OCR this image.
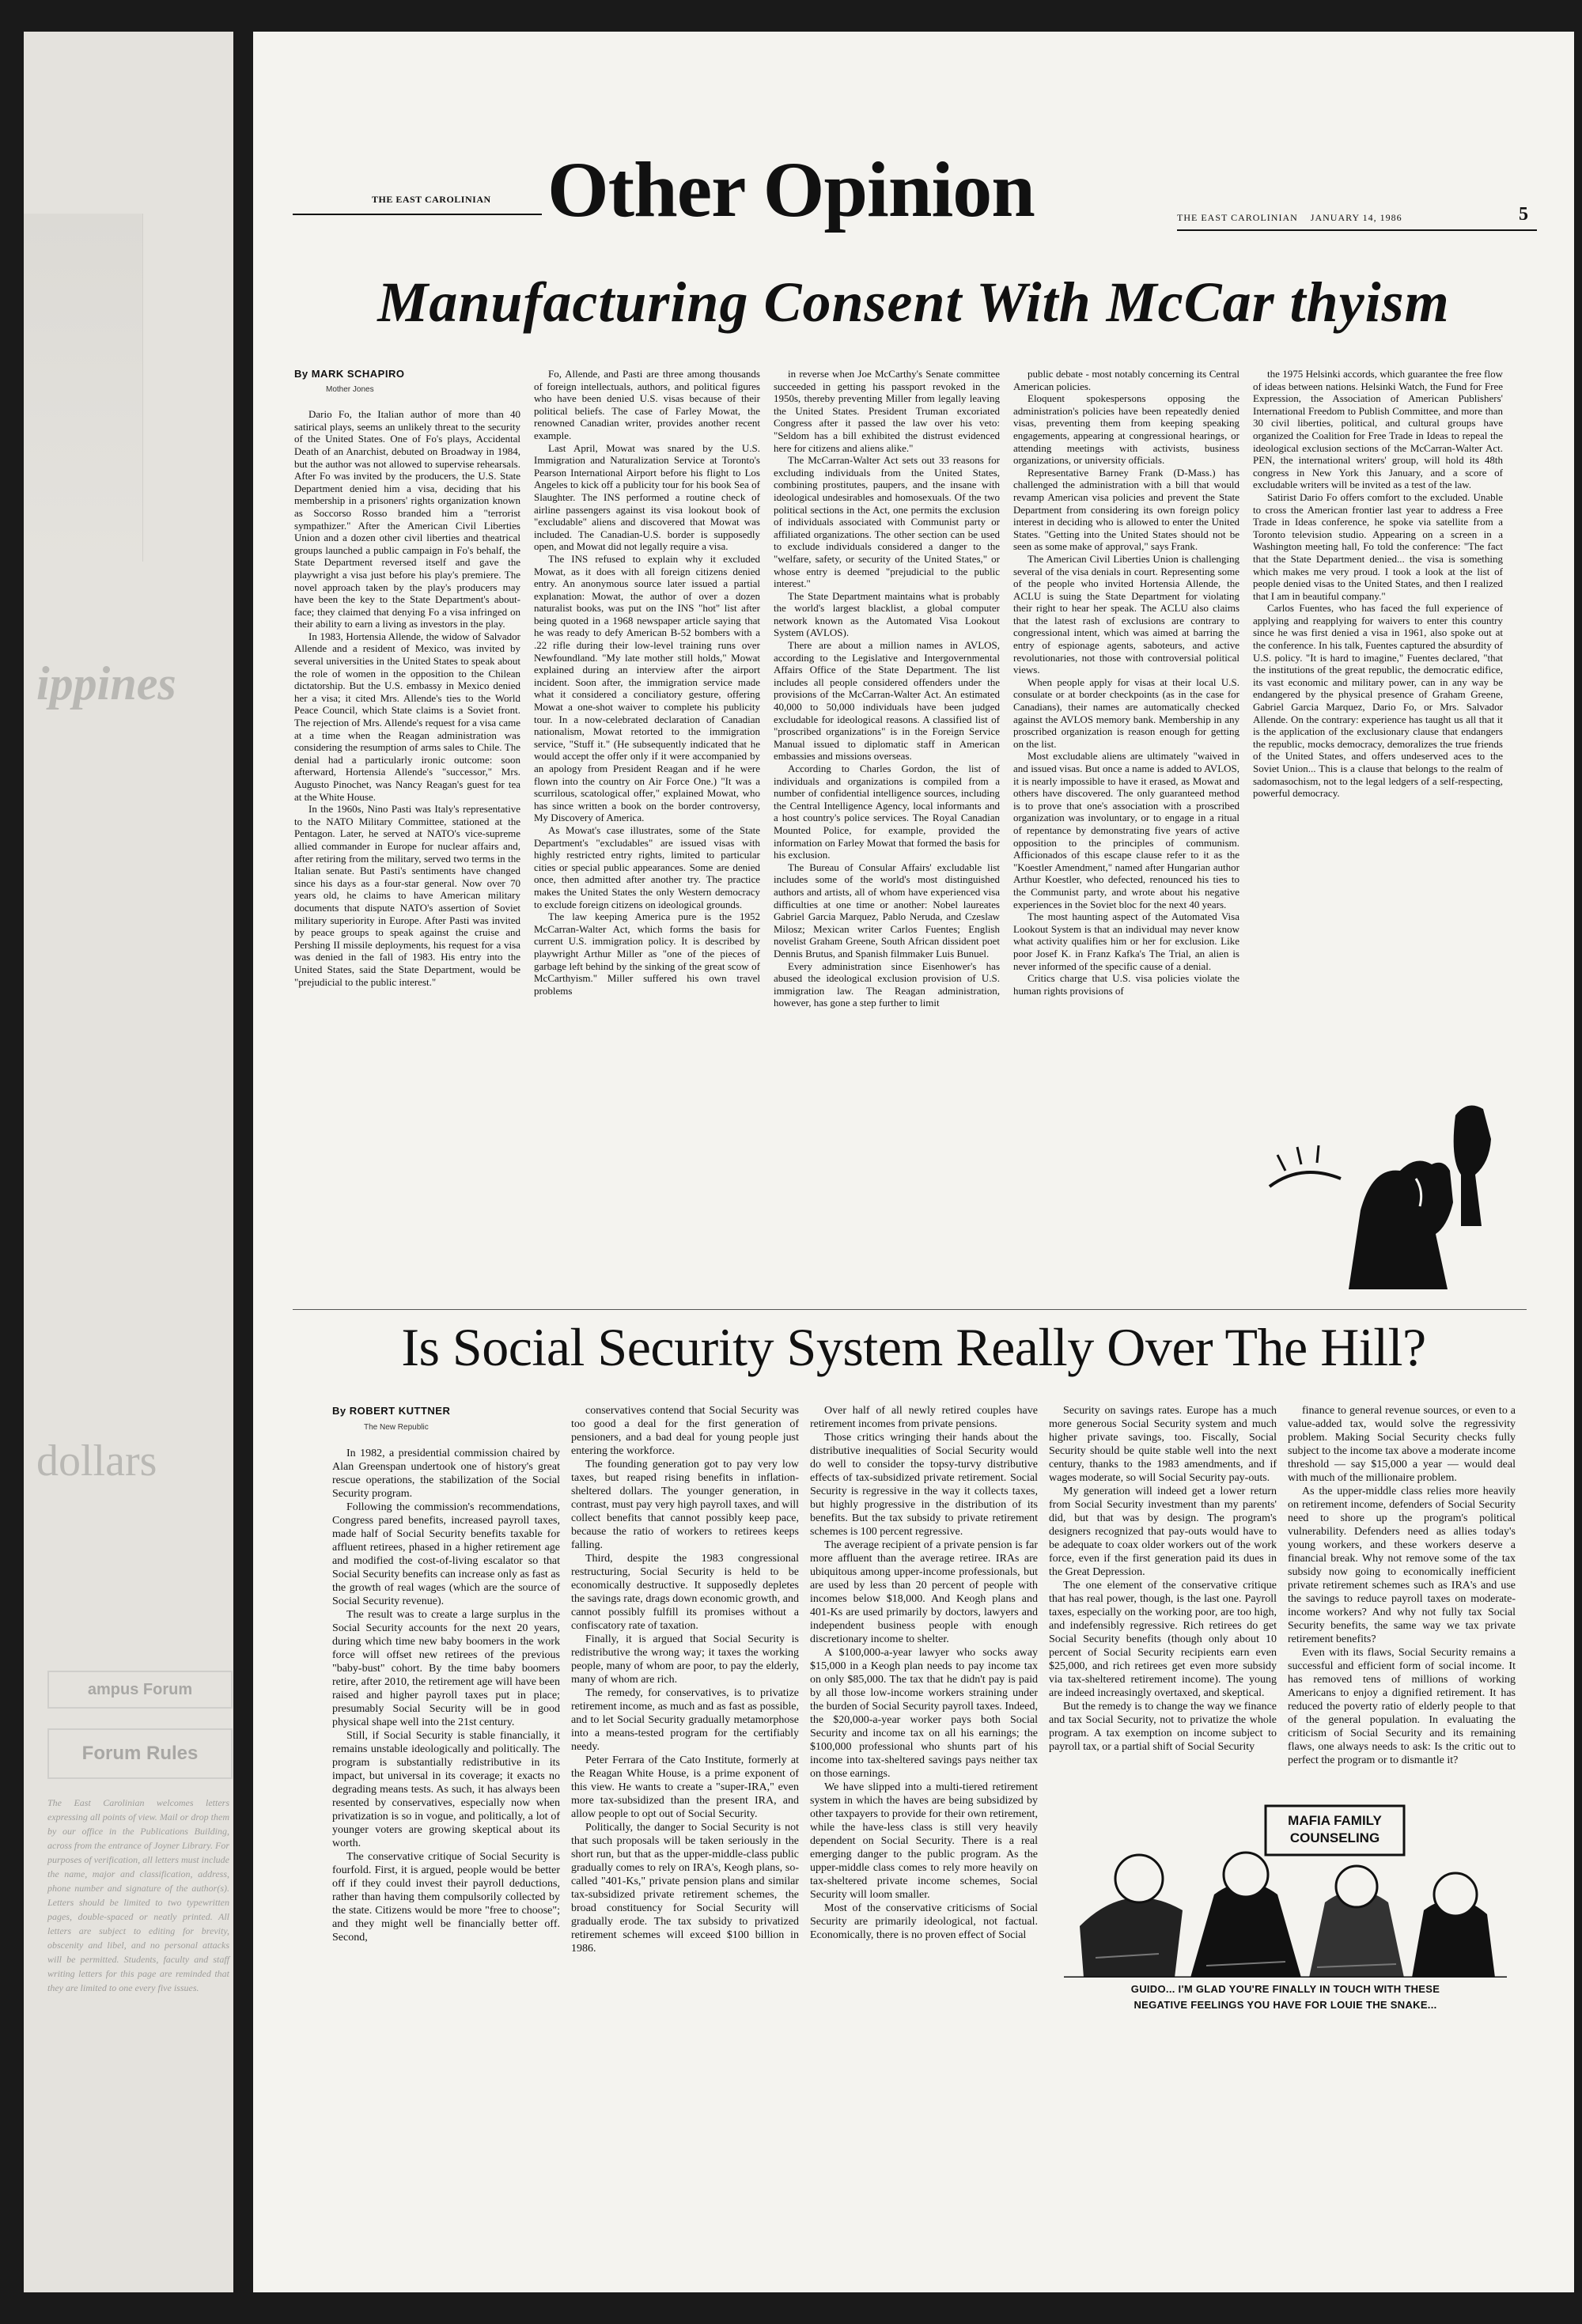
ippines
dollars
ampus Forum
Forum Rules
The East Carolinian welcomes letters expressing all points of view. Mail or drop them by our office in the Publications Building, across from the entrance of Joyner Library. For purposes of verification, all letters must include the name, major and classification, address, phone number and signature of the author(s). Letters should be limited to two typewritten pages, double-spaced or neatly printed. All letters are subject to editing for brevity, obscenity and libel, and no personal attacks will be permitted. Students, faculty and staff writing letters for this page are reminded that they are limited to one every five issues.
THE EAST CAROLINIAN Other Opinion	THE EAST CAROLINIAN    JANUARY 14, 1986	5
Manufacturing Consent With McCar thyism
By MARK SCHAPIRO
Mother Jones

Dario Fo, the Italian author of more than 40 satirical plays, seems an unlikely threat to the security of the United States. One of Fo's plays, Accidental Death of an Anarchist, debuted on Broadway in 1984, but the author was not allowed to supervise rehearsals. After Fo was invited by the producers, the U.S. State Department denied him a visa, deciding that his membership in a prisoners' rights organization known as Soccorso Rosso branded him a "terrorist sympathizer." After the American Civil Liberties Union and a dozen other civil liberties and theatrical groups launched a public campaign in Fo's behalf, the State Department reversed itself and gave the playwright a visa just before his play's premiere. The novel approach taken by the play's producers may have been the key to the State Department's about-face; they claimed that denying Fo a visa infringed on their ability to earn a living as investors in the play.

In 1983, Hortensia Allende, the widow of Salvador Allende and a resident of Mexico, was invited by several universities in the United States to speak about the role of women in the opposition to the Chilean dictatorship. But the U.S. embassy in Mexico denied her a visa; it cited Mrs. Allende's ties to the World Peace Council, which State claims is a Soviet front. The rejection of Mrs. Allende's request for a visa came at a time when the Reagan administration was considering the resumption of arms sales to Chile. The denial had a particularly ironic outcome: soon afterward, Hortensia Allende's "successor," Mrs. Augusto Pinochet, was Nancy Reagan's guest for tea at the White House.

In the 1960s, Nino Pasti was Italy's representative to the NATO Military Committee, stationed at the Pentagon. Later, he served at NATO's vice-supreme allied commander in Europe for nuclear affairs and, after retiring from the military, served two terms in the Italian senate. But Pasti's sentiments have changed since his days as a four-star general. Now over 70 years old, he claims to have American military documents that dispute NATO's assertion of Soviet military superiority in Europe. After Pasti was invited by peace groups to speak against the cruise and Pershing II missile deployments, his request for a visa was denied in the fall of 1983. His entry into the United States, said the State Department, would be "prejudicial to the public interest."

Fo, Allende, and Pasti are three among thousands of foreign intellectuals, authors, and political figures who have been denied U.S. visas because of their political beliefs. The case of Farley Mowat, the renowned Canadian writer, provides another recent example.

Last April, Mowat was snared by the U.S. Immigration and Naturalization Service at Toronto's Pearson International Airport before his flight to Los Angeles to kick off a publicity tour for his book Sea of Slaughter. The INS performed a routine check of airline passengers against its visa lookout book of "excludable" aliens and discovered that Mowat was included. The Canadian-U.S. border is supposedly open, and Mowat did not legally require a visa.

The INS refused to explain why it excluded Mowat, as it does with all foreign citizens denied entry. An anonymous source later issued a partial explanation: Mowat, the author of over a dozen naturalist books, was put on the INS "hot" list after being quoted in a 1968 newspaper article saying that he was ready to defy American B-52 bombers with a .22 rifle during their low-level training runs over Newfoundland. "My late mother still holds," Mowat explained during an interview after the airport incident. Soon after, the immigration service made what it considered a conciliatory gesture, offering Mowat a one-shot waiver to complete his publicity tour. In a now-celebrated declaration of Canadian nationalism, Mowat retorted to the immigration service, "Stuff it." (He subsequently indicated that he would accept the offer only if it were accompanied by an apology from President Reagan and if he were flown into the country on Air Force One.) "It was a scurrilous, scatological offer," explained Mowat, who has since written a book on the border controversy, My Discovery of America.

As Mowat's case illustrates, some of the State Department's "excludables" are issued visas with highly restricted entry rights, limited to particular cities or special public appearances. Some are denied once, then admitted after another try. The practice makes the United States the only Western democracy to exclude foreign citizens on ideological grounds.

The law keeping America pure is the 1952 McCarran-Walter Act, which forms the basis for current U.S. immigration policy. It is described by playwright Arthur Miller as "one of the pieces of garbage left behind by the sinking of the great scow of McCarthyism." Miller suffered his own travel problems

in reverse when Joe McCarthy's Senate committee succeeded in getting his passport revoked in the 1950s, thereby preventing Miller from legally leaving the United States. President Truman excoriated Congress after it passed the law over his veto: "Seldom has a bill exhibited the distrust evidenced here for citizens and aliens alike."

The McCarran-Walter Act sets out 33 reasons for excluding individuals from the United States, combining prostitutes, paupers, and the insane with ideological undesirables and homosexuals. Of the two political sections in the Act, one permits the exclusion of individuals associated with Communist party or affiliated organizations. The other section can be used to exclude individuals considered a danger to the "welfare, safety, or security of the United States," or whose entry is deemed "prejudicial to the public interest."

The State Department maintains what is probably the world's largest blacklist, a global computer network known as the Automated Visa Lookout System (AVLOS).

There are about a million names in AVLOS, according to the Legislative and Intergovernmental Affairs Office of the State Department. The list includes all people considered offenders under the provisions of the McCarran-Walter Act. An estimated 40,000 to 50,000 individuals have been judged excludable for ideological reasons. A classified list of "proscribed organizations" is in the Foreign Service Manual issued to diplomatic staff in American embassies and missions overseas.

According to Charles Gordon, the list of individuals and organizations is compiled from a number of confidential intelligence sources, including the Central Intelligence Agency, local informants and a host country's police services. The Royal Canadian Mounted Police, for example, provided the information on Farley Mowat that formed the basis for his exclusion.

The Bureau of Consular Affairs' excludable list includes some of the world's most distinguished authors and artists, all of whom have experienced visa difficulties at one time or another: Nobel laureates Gabriel Garcia Marquez, Pablo Neruda, and Czeslaw Milosz; Mexican writer Carlos Fuentes; English novelist Graham Greene, South African dissident poet Dennis Brutus, and Spanish filmmaker Luis Bunuel.

Every administration since Eisenhower's has abused the ideological exclusion provision of U.S. immigration law. The Reagan administration, however, has gone a step further to limit

public debate - most notably concerning its Central American policies.

Eloquent spokespersons opposing the administration's policies have been repeatedly denied visas, preventing them from keeping speaking engagements, appearing at congressional hearings, or attending meetings with activists, business organizations, or university officials.

Representative Barney Frank (D-Mass.) has challenged the administration with a bill that would revamp American visa policies and prevent the State Department from considering its own foreign policy interest in deciding who is allowed to enter the United States. "Getting into the United States should not be seen as some make of approval," says Frank.

The American Civil Liberties Union is challenging several of the visa denials in court. Representing some of the people who invited Hortensia Allende, the ACLU is suing the State Department for violating their right to hear her speak. The ACLU also claims that the latest rash of exclusions are contrary to congressional intent, which was aimed at barring the entry of espionage agents, saboteurs, and active revolutionaries, not those with controversial political views.

When people apply for visas at their local U.S. consulate or at border checkpoints (as in the case for Canadians), their names are automatically checked against the AVLOS memory bank. Membership in any proscribed organization is reason enough for getting on the list.

Most excludable aliens are ultimately "waived in and issued visas. But once a name is added to AVLOS, it is nearly impossible to have it erased, as Mowat and others have discovered. The only guaranteed method is to prove that one's association with a proscribed organization was involuntary, or to engage in a ritual of repentance by demonstrating five years of active opposition to the principles of communism. Afficionados of this escape clause refer to it as the "Koestler Amendment," named after Hungarian author Arthur Koestler, who defected, renounced his ties to the Communist party, and wrote about his negative experiences in the Soviet bloc for the next 40 years.

The most haunting aspect of the Automated Visa Lookout System is that an individual may never know what activity qualifies him or her for exclusion. Like poor Josef K. in Franz Kafka's The Trial, an alien is never informed of the specific cause of a denial.

Critics charge that U.S. visa policies violate the human rights provisions of

the 1975 Helsinki accords, which guarantee the free flow of ideas between nations. Helsinki Watch, the Fund for Free Expression, the Association of American Publishers' International Freedom to Publish Committee, and more than 30 civil liberties, political, and cultural groups have organized the Coalition for Free Trade in Ideas to repeal the ideological exclusion sections of the McCarran-Walter Act. PEN, the international writers' group, will hold its 48th congress in New York this January, and a score of excludable writers will be invited as a test of the law.

Satirist Dario Fo offers comfort to the excluded. Unable to cross the American frontier last year to address a Free Trade in Ideas conference, he spoke via satellite from a Toronto television studio. Appearing on a screen in a Washington meeting hall, Fo told the conference: "The fact that the State Department denied... the visa is something which makes me very proud. I took a look at the list of people denied visas to the United States, and then I realized that I am in beautiful company."

Carlos Fuentes, who has faced the full experience of applying and reapplying for waivers to enter this country since he was first denied a visa in 1961, also spoke out at the conference. In his talk, Fuentes captured the absurdity of U.S. policy. "It is hard to imagine," Fuentes declared, "that the institutions of the great republic, the democratic edifice, its vast economic and military power, can in any way be endangered by the physical presence of Graham Greene, Gabriel Garcia Marquez, Dario Fo, or Mrs. Salvador Allende. On the contrary: experience has taught us all that it is the application of the exclusionary clause that endangers the republic, mocks democracy, demoralizes the true friends of the United States, and offers undeserved aces to the Soviet Union... This is a clause that belongs to the realm of sadomasochism, not to the legal ledgers of a self-respecting, powerful democracy.

Is Social Security System Really Over The Hill?
By ROBERT KUTTNER
The New Republic

In 1982, a presidential commission chaired by Alan Greenspan undertook one of history's great rescue operations, the stabilization of the Social Security program.

Following the commission's recommendations, Congress pared benefits, increased payroll taxes, made half of Social Security benefits taxable for affluent retirees, phased in a higher retirement age and modified the cost-of-living escalator so that Social Security benefits can increase only as fast as the growth of real wages (which are the source of Social Security revenue).

The result was to create a large surplus in the Social Security accounts for the next 20 years, during which time new baby boomers in the work force will offset new retirees of the previous "baby-bust" cohort. By the time baby boomers retire, after 2010, the retirement age will have been raised and higher payroll taxes put in place; presumably Social Security will be in good physical shape well into the 21st century.

Still, if Social Security is stable financially, it remains unstable ideologically and politically. The program is substantially redistributive in its impact, but universal in its coverage; it exacts no degrading means tests. As such, it has always been resented by conservatives, especially now when privatization is so in vogue, and politically, a lot of younger voters are growing skeptical about its worth.

The conservative critique of Social Security is fourfold. First, it is argued, people would be better off if they could invest their payroll deductions, rather than having them compulsorily collected by the state. Citizens would be more "free to choose"; and they might well be financially better off. Second,

conservatives contend that Social Security was too good a deal for the first generation of pensioners, and a bad deal for young people just entering the workforce.

The founding generation got to pay very low taxes, but reaped rising benefits in inflation-sheltered dollars. The younger generation, in contrast, must pay very high payroll taxes, and will collect benefits that cannot possibly keep pace, because the ratio of workers to retirees keeps falling.

Third, despite the 1983 congressional restructuring, Social Security is held to be economically destructive. It supposedly depletes the savings rate, drags down economic growth, and cannot possibly fulfill its promises without a confiscatory rate of taxation.

Finally, it is argued that Social Security is redistributive the wrong way; it taxes the working people, many of whom are poor, to pay the elderly, many of whom are rich.

The remedy, for conservatives, is to privatize retirement income, as much and as fast as possible, and to let Social Security gradually metamorphose into a means-tested program for the certifiably needy.

Peter Ferrara of the Cato Institute, formerly at the Reagan White House, is a prime exponent of this view. He wants to create a "super-IRA," even more tax-subsidized than the present IRA, and allow people to opt out of Social Security.

Politically, the danger to Social Security is not that such proposals will be taken seriously in the short run, but that as the upper-middle-class public gradually comes to rely on IRA's, Keogh plans, so-called "401-Ks," private pension plans and similar tax-subsidized private retirement schemes, the broad constituency for Social Security will gradually erode. The tax subsidy to privatized retirement schemes will exceed $100 billion in 1986.

Over half of all newly retired couples have retirement incomes from private pensions.

Those critics wringing their hands about the distributive inequalities of Social Security would do well to consider the topsy-turvy distributive effects of tax-subsidized private retirement. Social Security is regressive in the way it collects taxes, but highly progressive in the distribution of its benefits. But the tax subsidy to private retirement schemes is 100 percent regressive.

The average recipient of a private pension is far more affluent than the average retiree. IRAs are ubiquitous among upper-income professionals, but are used by less than 20 percent of people with incomes below $18,000. And Keogh plans and 401-Ks are used primarily by doctors, lawyers and independent business people with enough discretionary income to shelter.

A $100,000-a-year lawyer who socks away $15,000 in a Keogh plan needs to pay income tax on only $85,000. The tax that he didn't pay is paid by all those low-income workers straining under the burden of Social Security payroll taxes. Indeed, the $20,000-a-year worker pays both Social Security and income tax on all his earnings; the $100,000 professional who shunts part of his income into tax-sheltered savings pays neither tax on those earnings.

We have slipped into a multi-tiered retirement system in which the haves are being subsidized by other taxpayers to provide for their own retirement, while the have-less class is still very heavily dependent on Social Security. There is a real emerging danger to the public program. As the upper-middle class comes to rely more heavily on tax-sheltered private income schemes, Social Security will loom smaller.

Most of the conservative criticisms of Social Security are primarily ideological, not factual. Economically, there is no proven effect of Social

Security on savings rates. Europe has a much more generous Social Security system and much higher private savings, too. Fiscally, Social Security should be quite stable well into the next century, thanks to the 1983 amendments, and if wages moderate, so will Social Security pay-outs.

My generation will indeed get a lower return from Social Security investment than my parents' did, but that was by design. The program's designers recognized that pay-outs would have to be adequate to coax older workers out of the work force, even if the first generation paid its dues in the Great Depression.

The one element of the conservative critique that has real power, though, is the last one. Payroll taxes, especially on the working poor, are too high, and indefensibly regressive. Rich retirees do get Social Security benefits (though only about 10 percent of Social Security recipients earn even $25,000, and rich retirees get even more subsidy via tax-sheltered retirement income). The young are indeed increasingly overtaxed, and skeptical.

But the remedy is to change the way we finance and tax Social Security, not to privatize the whole program. A tax exemption on income subject to payroll tax, or a partial shift of Social Security

finance to general revenue sources, or even to a value-added tax, would solve the regressivity problem. Making Social Security checks fully subject to the income tax above a moderate income threshold — say $15,000 a year — would deal with much of the millionaire problem.

As the upper-middle class relies more heavily on retirement income, defenders of Social Security need to shore up the program's political vulnerability. Defenders need as allies today's young workers, and these workers deserve a financial break. Why not remove some of the tax subsidy now going to economically inefficient private retirement schemes such as IRA's and use the savings to reduce payroll taxes on moderate-income workers? And why not fully tax Social Security benefits, the same way we tax private retirement benefits?

Even with its flaws, Social Security remains a successful and efficient form of social income. It has removed tens of millions of working Americans to enjoy a dignified retirement. It has reduced the poverty ratio of elderly people to that of the general population. In evaluating the criticism of Social Security and its remaining flaws, one always needs to ask: Is the critic out to perfect the program or to dismantle it?

MAFIA FAMILY COUNSELING
GUIDO... I'M GLAD YOU'RE FINALLY IN TOUCH WITH THESE
NEGATIVE FEELINGS YOU HAVE FOR LOUIE THE SNAKE...
